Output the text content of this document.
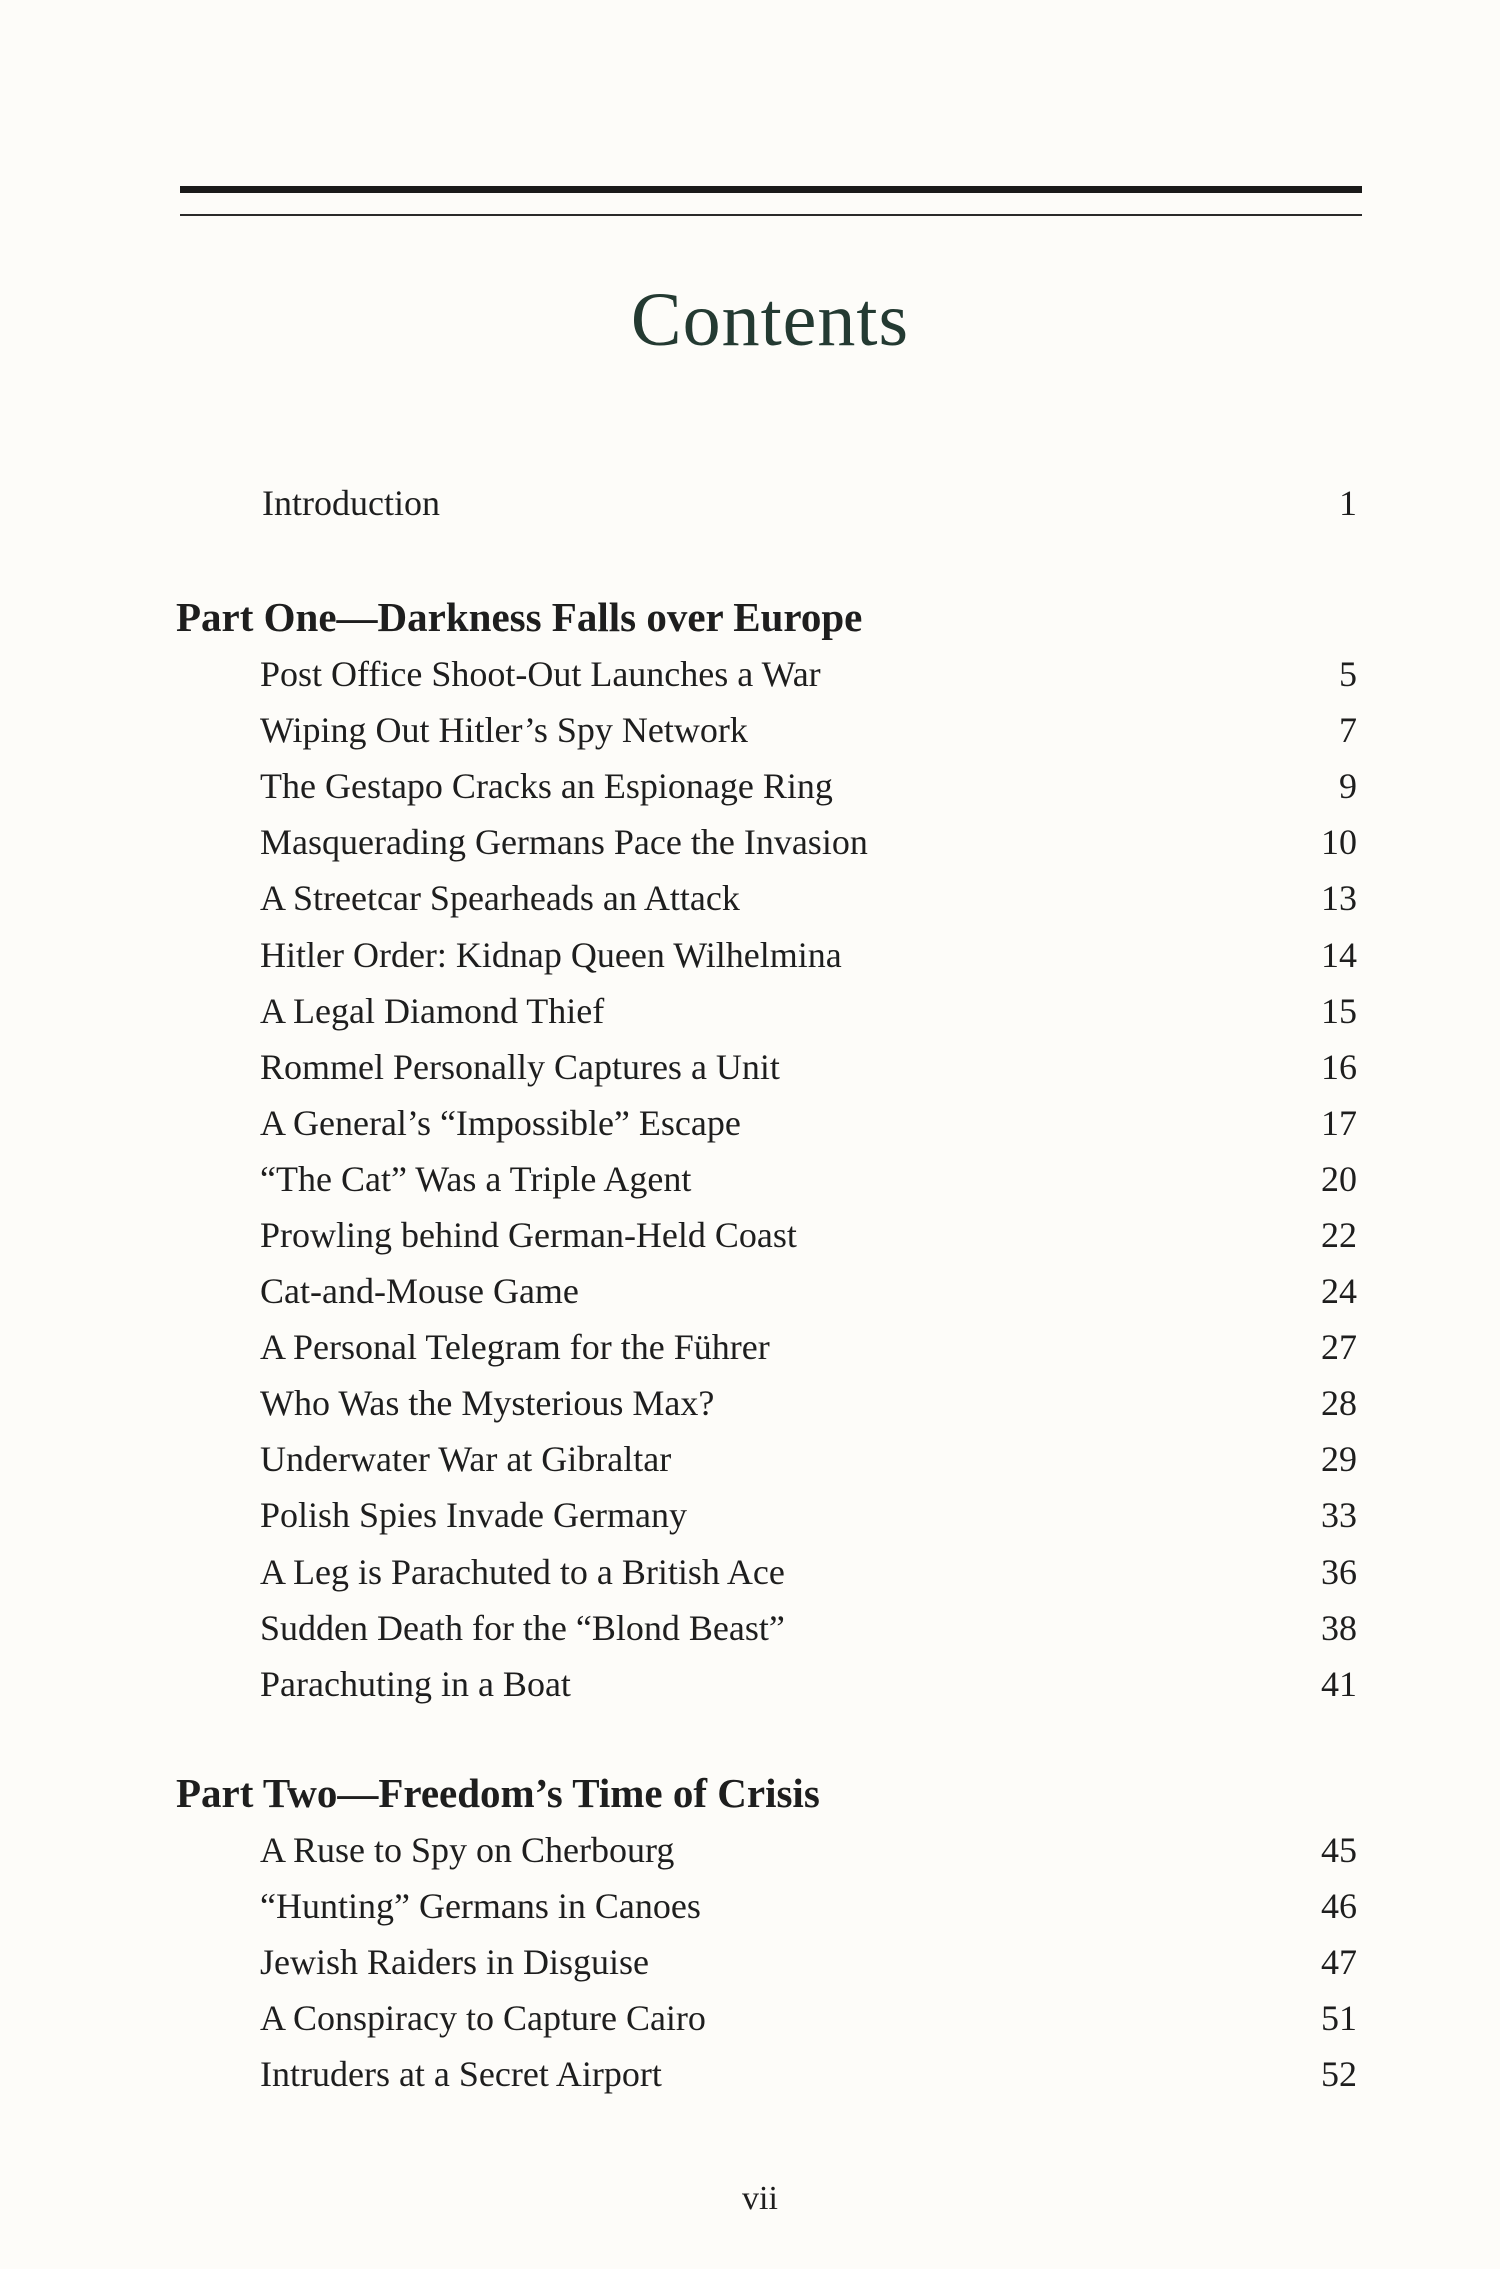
Contents
Introduction	1
Part One—Darkness Falls over Europe
Post Office Shoot-Out Launches a War	5
Wiping Out Hitler’s Spy Network	7
The Gestapo Cracks an Espionage Ring	9
Masquerading Germans Pace the Invasion	10
A Streetcar Spearheads an Attack	13
Hitler Order: Kidnap Queen Wilhelmina	14
A Legal Diamond Thief	15
Rommel Personally Captures a Unit	16
A General’s “Impossible” Escape	17
“The Cat” Was a Triple Agent	20
Prowling behind German-Held Coast	22
Cat-and-Mouse Game	24
A Personal Telegram for the Führer	27
Who Was the Mysterious Max?	28
Underwater War at Gibraltar	29
Polish Spies Invade Germany	33
A Leg is Parachuted to a British Ace	36
Sudden Death for the “Blond Beast”	38
Parachuting in a Boat	41
Part Two—Freedom’s Time of Crisis
A Ruse to Spy on Cherbourg	45
“Hunting” Germans in Canoes	46
Jewish Raiders in Disguise	47
A Conspiracy to Capture Cairo	51
Intruders at a Secret Airport	52
vii
